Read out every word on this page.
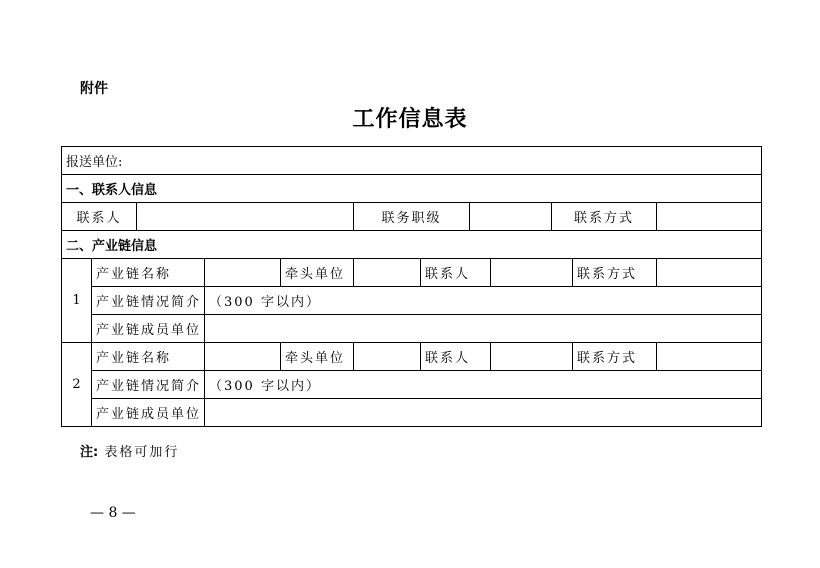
附件
工作信息表
报送单位:											
一、联系人信息											
联系人					联务职级				联系方式		
二、产业链信息											
1	产业链名称			牵头单位		联系人				联系方式	
	产业链情况简介		（300 字以内）								
	产业链成员单位										
2	产业链名称			牵头单位		联系人				联系方式	
	产业链情况简介		（300 字以内）								
	产业链成员单位										
注: 表格可加行
— 8 —
